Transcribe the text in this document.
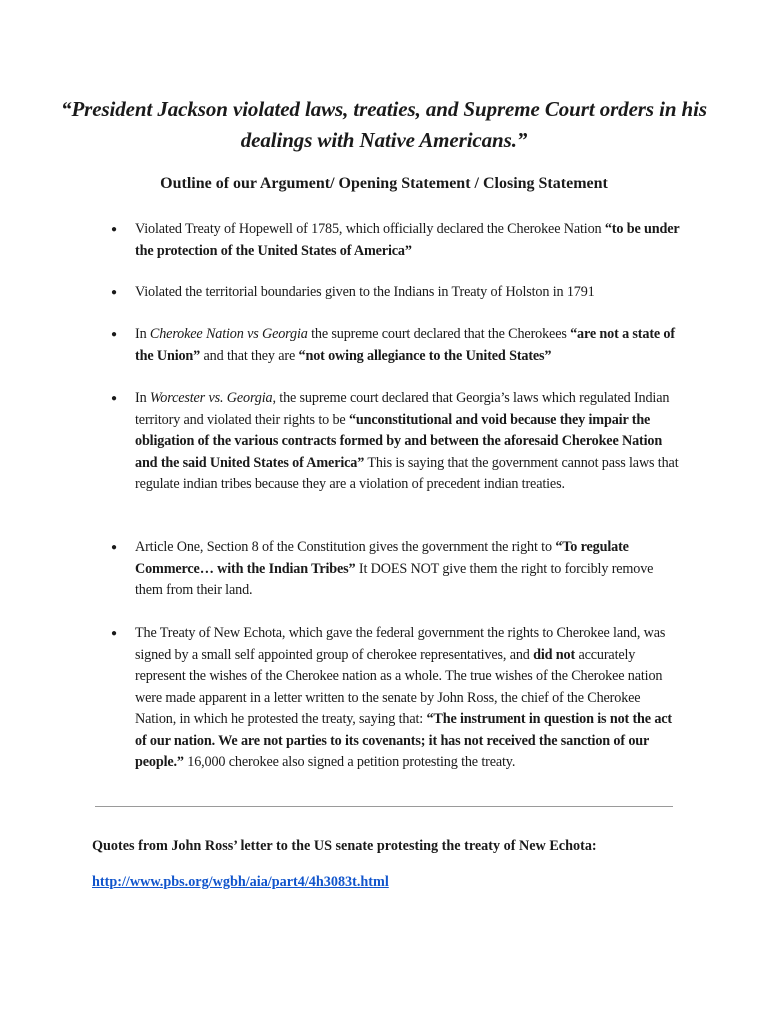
“President Jackson violated laws, treaties, and Supreme Court orders in his dealings with Native Americans.”
Outline of our Argument/ Opening Statement / Closing Statement
● Violated Treaty of Hopewell of 1785, which officially declared the Cherokee Nation “to be under the protection of the United States of America”
● Violated the territorial boundaries given to the Indians in Treaty of Holston in 1791
● In Cherokee Nation vs Georgia the supreme court declared that the Cherokees “are not a state of the Union” and that they are “not owing allegiance to the United States”
● In Worcester vs. Georgia, the supreme court declared that Georgia’s laws which regulated Indian territory and violated their rights to be “unconstitutional and void because they impair the obligation of the various contracts formed by and between the aforesaid Cherokee Nation and the said United States of America” This is saying that the government cannot pass laws that regulate indian tribes because they are a violation of precedent indian treaties.
● Article One, Section 8 of the Constitution gives the government the right to “To regulate Commerce… with the Indian Tribes” It DOES NOT give them the right to forcibly remove them from their land.
● The Treaty of New Echota, which gave the federal government the rights to Cherokee land, was signed by a small self appointed group of cherokee representatives, and did not accurately represent the wishes of the Cherokee nation as a whole. The true wishes of the Cherokee nation were made apparent in a letter written to the senate by John Ross, the chief of the Cherokee Nation, in which he protested the treaty, saying that: “The instrument in question is not the act of our nation. We are not parties to its covenants; it has not received the sanction of our people.” 16,000 cherokee also signed a petition protesting the treaty.

Quotes from John Ross’ letter to the US senate protesting the treaty of New Echota:

http://www.pbs.org/wgbh/aia/part4/4h3083t.html
